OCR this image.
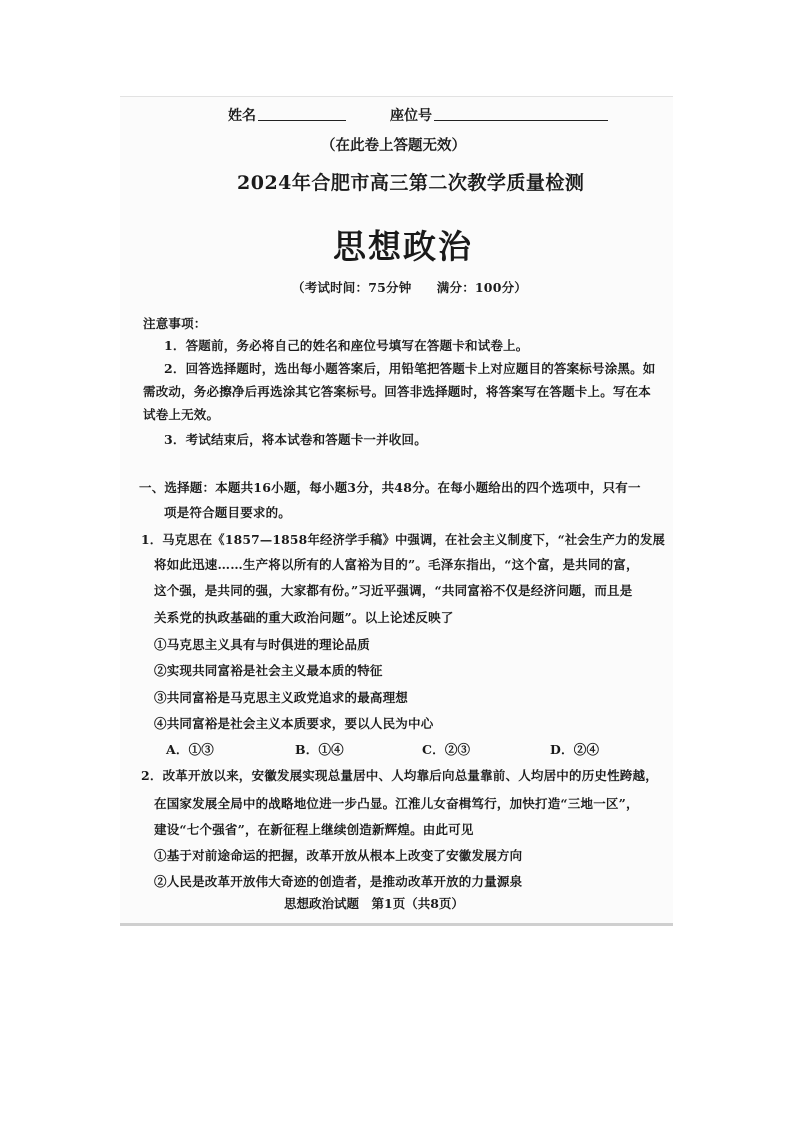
姓名	座位号
（在此卷上答题无效）
2024年合肥市高三第二次教学质量检测
思想政治
（考试时间：75分钟　　满分：100分）
注意事项：
1．答题前，务必将自己的姓名和座位号填写在答题卡和试卷上。
2．回答选择题时，选出每小题答案后，用铅笔把答题卡上对应题目的答案标号涂黑。如
需改动，务必擦净后再选涂其它答案标号。回答非选择题时，将答案写在答题卡上。写在本
试卷上无效。
3．考试结束后，将本试卷和答题卡一并收回。
一、选择题：本题共16小题，每小题3分，共48分。在每小题给出的四个选项中，只有一
项是符合题目要求的。
1．马克思在《1857—1858年经济学手稿》中强调，在社会主义制度下，“社会生产力的发展
将如此迅速……生产将以所有的人富裕为目的”。毛泽东指出，“这个富，是共同的富，
这个强，是共同的强，大家都有份。”习近平强调，“共同富裕不仅是经济问题，而且是
关系党的执政基础的重大政治问题”。以上论述反映了
①马克思主义具有与时俱进的理论品质
②实现共同富裕是社会主义最本质的特征
③共同富裕是马克思主义政党追求的最高理想
④共同富裕是社会主义本质要求，要以人民为中心
A．①③	B．①④	C．②③	D．②④
2．改革开放以来，安徽发展实现总量居中、人均靠后向总量靠前、人均居中的历史性跨越，
在国家发展全局中的战略地位进一步凸显。江淮儿女奋楫笃行，加快打造“三地一区”，
建设“七个强省”，在新征程上继续创造新辉煌。由此可见
①基于对前途命运的把握，改革开放从根本上改变了安徽发展方向
②人民是改革开放伟大奇迹的创造者，是推动改革开放的力量源泉
思想政治试题　第1页（共8页）
